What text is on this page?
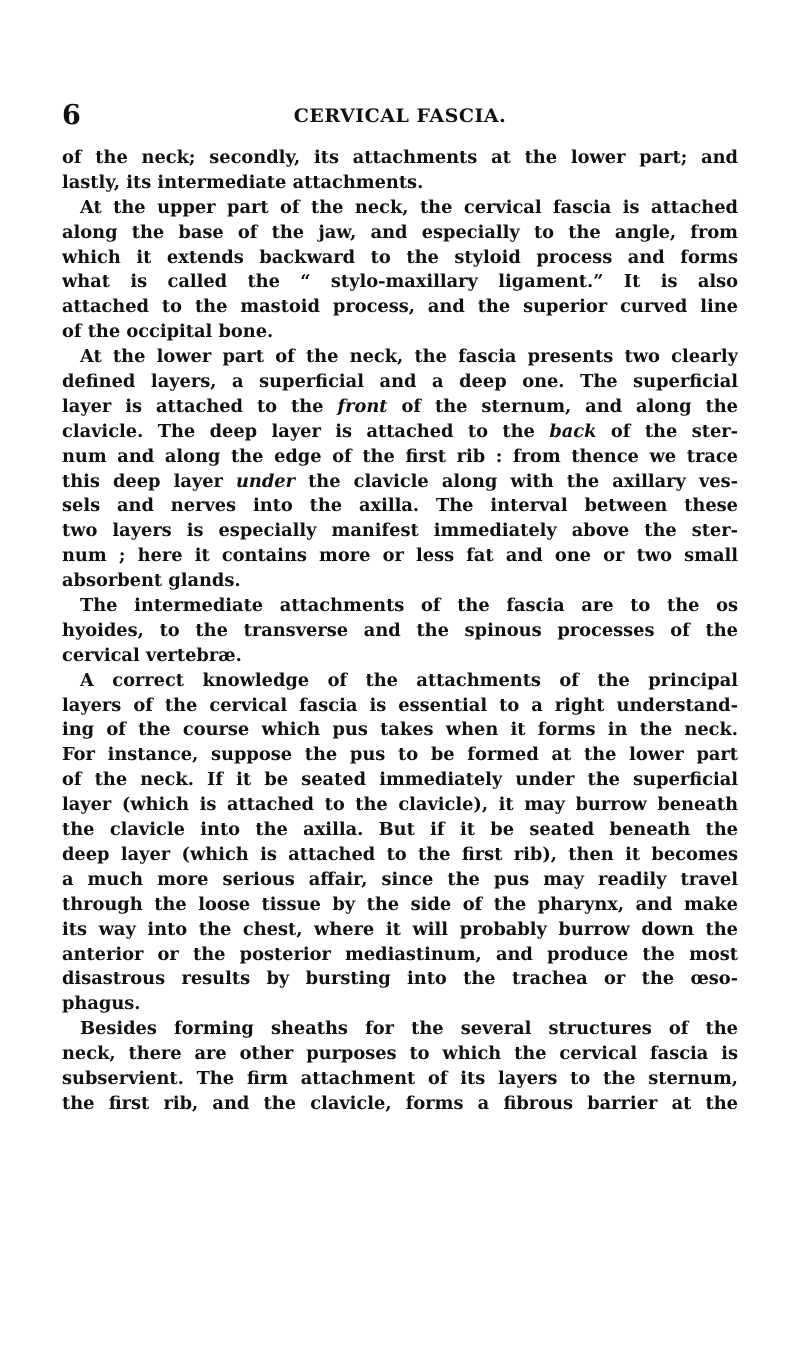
6	CERVICAL FASCIA.
of the neck; secondly, its attachments at the lower part; and
lastly, its intermediate attachments.
At the upper part of the neck, the cervical fascia is attached
along the base of the jaw, and especially to the angle, from
which it extends backward to the styloid process and forms
what is called the “ stylo-maxillary ligament.” It is also
attached to the mastoid process, and the superior curved line
of the occipital bone.
At the lower part of the neck, the fascia presents two clearly
defined layers, a superficial and a deep one. The superficial
layer is attached to the front of the sternum, and along the
clavicle. The deep layer is attached to the back of the ster-
num and along the edge of the first rib : from thence we trace
this deep layer under the clavicle along with the axillary ves-
sels and nerves into the axilla. The interval between these
two layers is especially manifest immediately above the ster-
num ; here it contains more or less fat and one or two small
absorbent glands.
The intermediate attachments of the fascia are to the os
hyoides, to the transverse and the spinous processes of the
cervical vertebræ.
A correct knowledge of the attachments of the principal
layers of the cervical fascia is essential to a right understand-
ing of the course which pus takes when it forms in the neck.
For instance, suppose the pus to be formed at the lower part
of the neck. If it be seated immediately under the superficial
layer (which is attached to the clavicle), it may burrow beneath
the clavicle into the axilla. But if it be seated beneath the
deep layer (which is attached to the first rib), then it becomes
a much more serious affair, since the pus may readily travel
through the loose tissue by the side of the pharynx, and make
its way into the chest, where it will probably burrow down the
anterior or the posterior mediastinum, and produce the most
disastrous results by bursting into the trachea or the œso-
phagus.
Besides forming sheaths for the several structures of the
neck, there are other purposes to which the cervical fascia is
subservient. The firm attachment of its layers to the sternum,
the first rib, and the clavicle, forms a fibrous barrier at the
